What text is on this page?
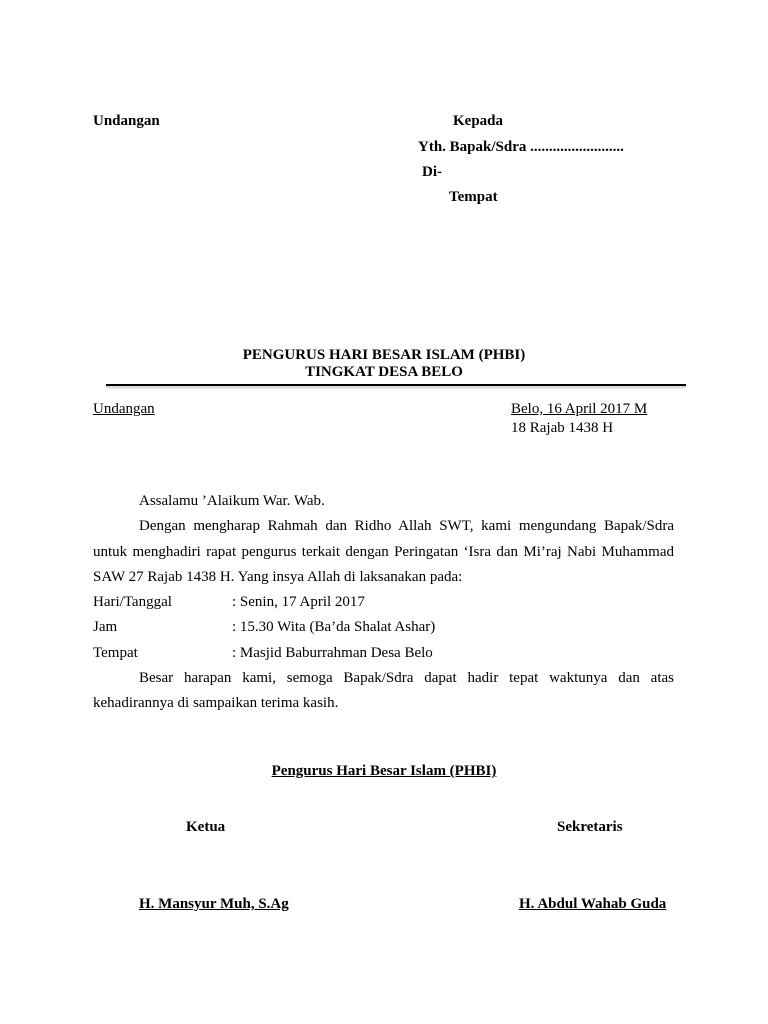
Undangan	Kepada
Yth. Bapak/Sdra .........................
Di-
Tempat
PENGURUS HARI BESAR ISLAM (PHBI)
TINGKAT DESA BELO
Undangan	Belo, 16 April 2017 M
18 Rajab 1438 H

Assalamu ’Alaikum War. Wab.

Dengan mengharap Rahmah dan Ridho Allah SWT, kami mengundang Bapak/Sdra untuk menghadiri rapat pengurus terkait dengan Peringatan ‘Isra dan Mi’raj Nabi Muhammad SAW 27 Rajab 1438 H. Yang insya Allah di laksanakan pada:

Hari/Tanggal	: Senin, 17 April 2017
Jam	: 15.30 Wita (Ba’da Shalat Ashar)
Tempat	: Masjid Baburrahman Desa Belo

Besar harapan kami, semoga Bapak/Sdra dapat hadir tepat waktunya dan atas kehadirannya di sampaikan terima kasih.

Pengurus Hari Besar Islam (PHBI)
Ketua	Sekretaris
H. Mansyur Muh, S.Ag	H. Abdul Wahab Guda
